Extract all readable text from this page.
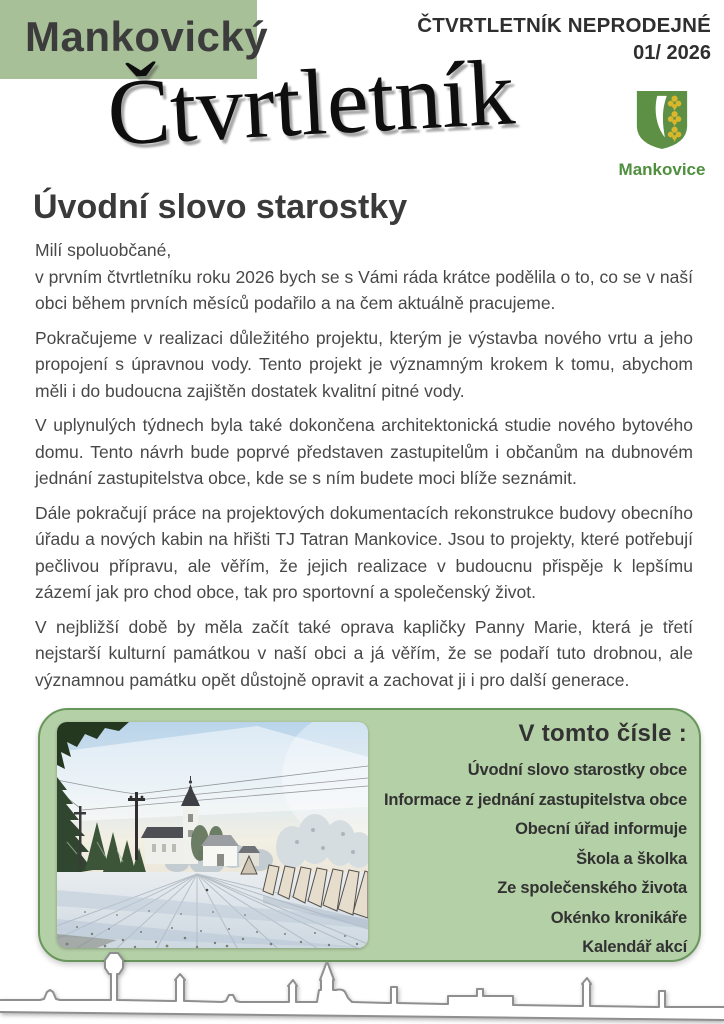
Mankovický	ČTVRTLETNÍK NEPRODEJNÉ
01/ 2026
Čtvrtletník
Mankovice
Úvodní slovo starostky
Milí spoluobčané,

v prvním čtvrtletníku roku 2026 bych se s Vámi ráda krátce podělila o to, co se v naší obci během prvních měsíců podařilo a na čem aktuálně pracujeme.

Pokračujeme v realizaci důležitého projektu, kterým je výstavba nového vrtu a jeho propojení s úpravnou vody. Tento projekt je významným krokem k tomu, abychom měli i do budoucna zajištěn dostatek kvalitní pitné vody.

V uplynulých týdnech byla také dokončena architektonická studie nového bytového domu. Tento návrh bude poprvé představen zastupitelům i občanům na dubnovém jednání zastupitelstva obce, kde se s ním budete moci blíže seznámit.

Dále pokračují práce na projektových dokumentacích rekonstrukce budovy obecního úřadu a nových kabin na hřišti TJ Tatran Mankovice. Jsou to projekty, které potřebují pečlivou přípravu, ale věřím, že jejich realizace v budoucnu přispěje k lepšímu zázemí jak pro chod obce, tak pro sportovní a společenský život.

V nejbližší době by měla začít také oprava kapličky Panny Marie, která je třetí nejstarší kulturní památkou v naší obci a já věřím, že se podaří tuto drobnou, ale významnou památku opět důstojně opravit a zachovat ji i pro další generace.

V tomto čísle :
Úvodní slovo starostky obce
Informace z jednání zastupitelstva obce
Obecní úřad informuje
Škola a školka
Ze společenského života
Okénko kronikáře
Kalendář akcí
